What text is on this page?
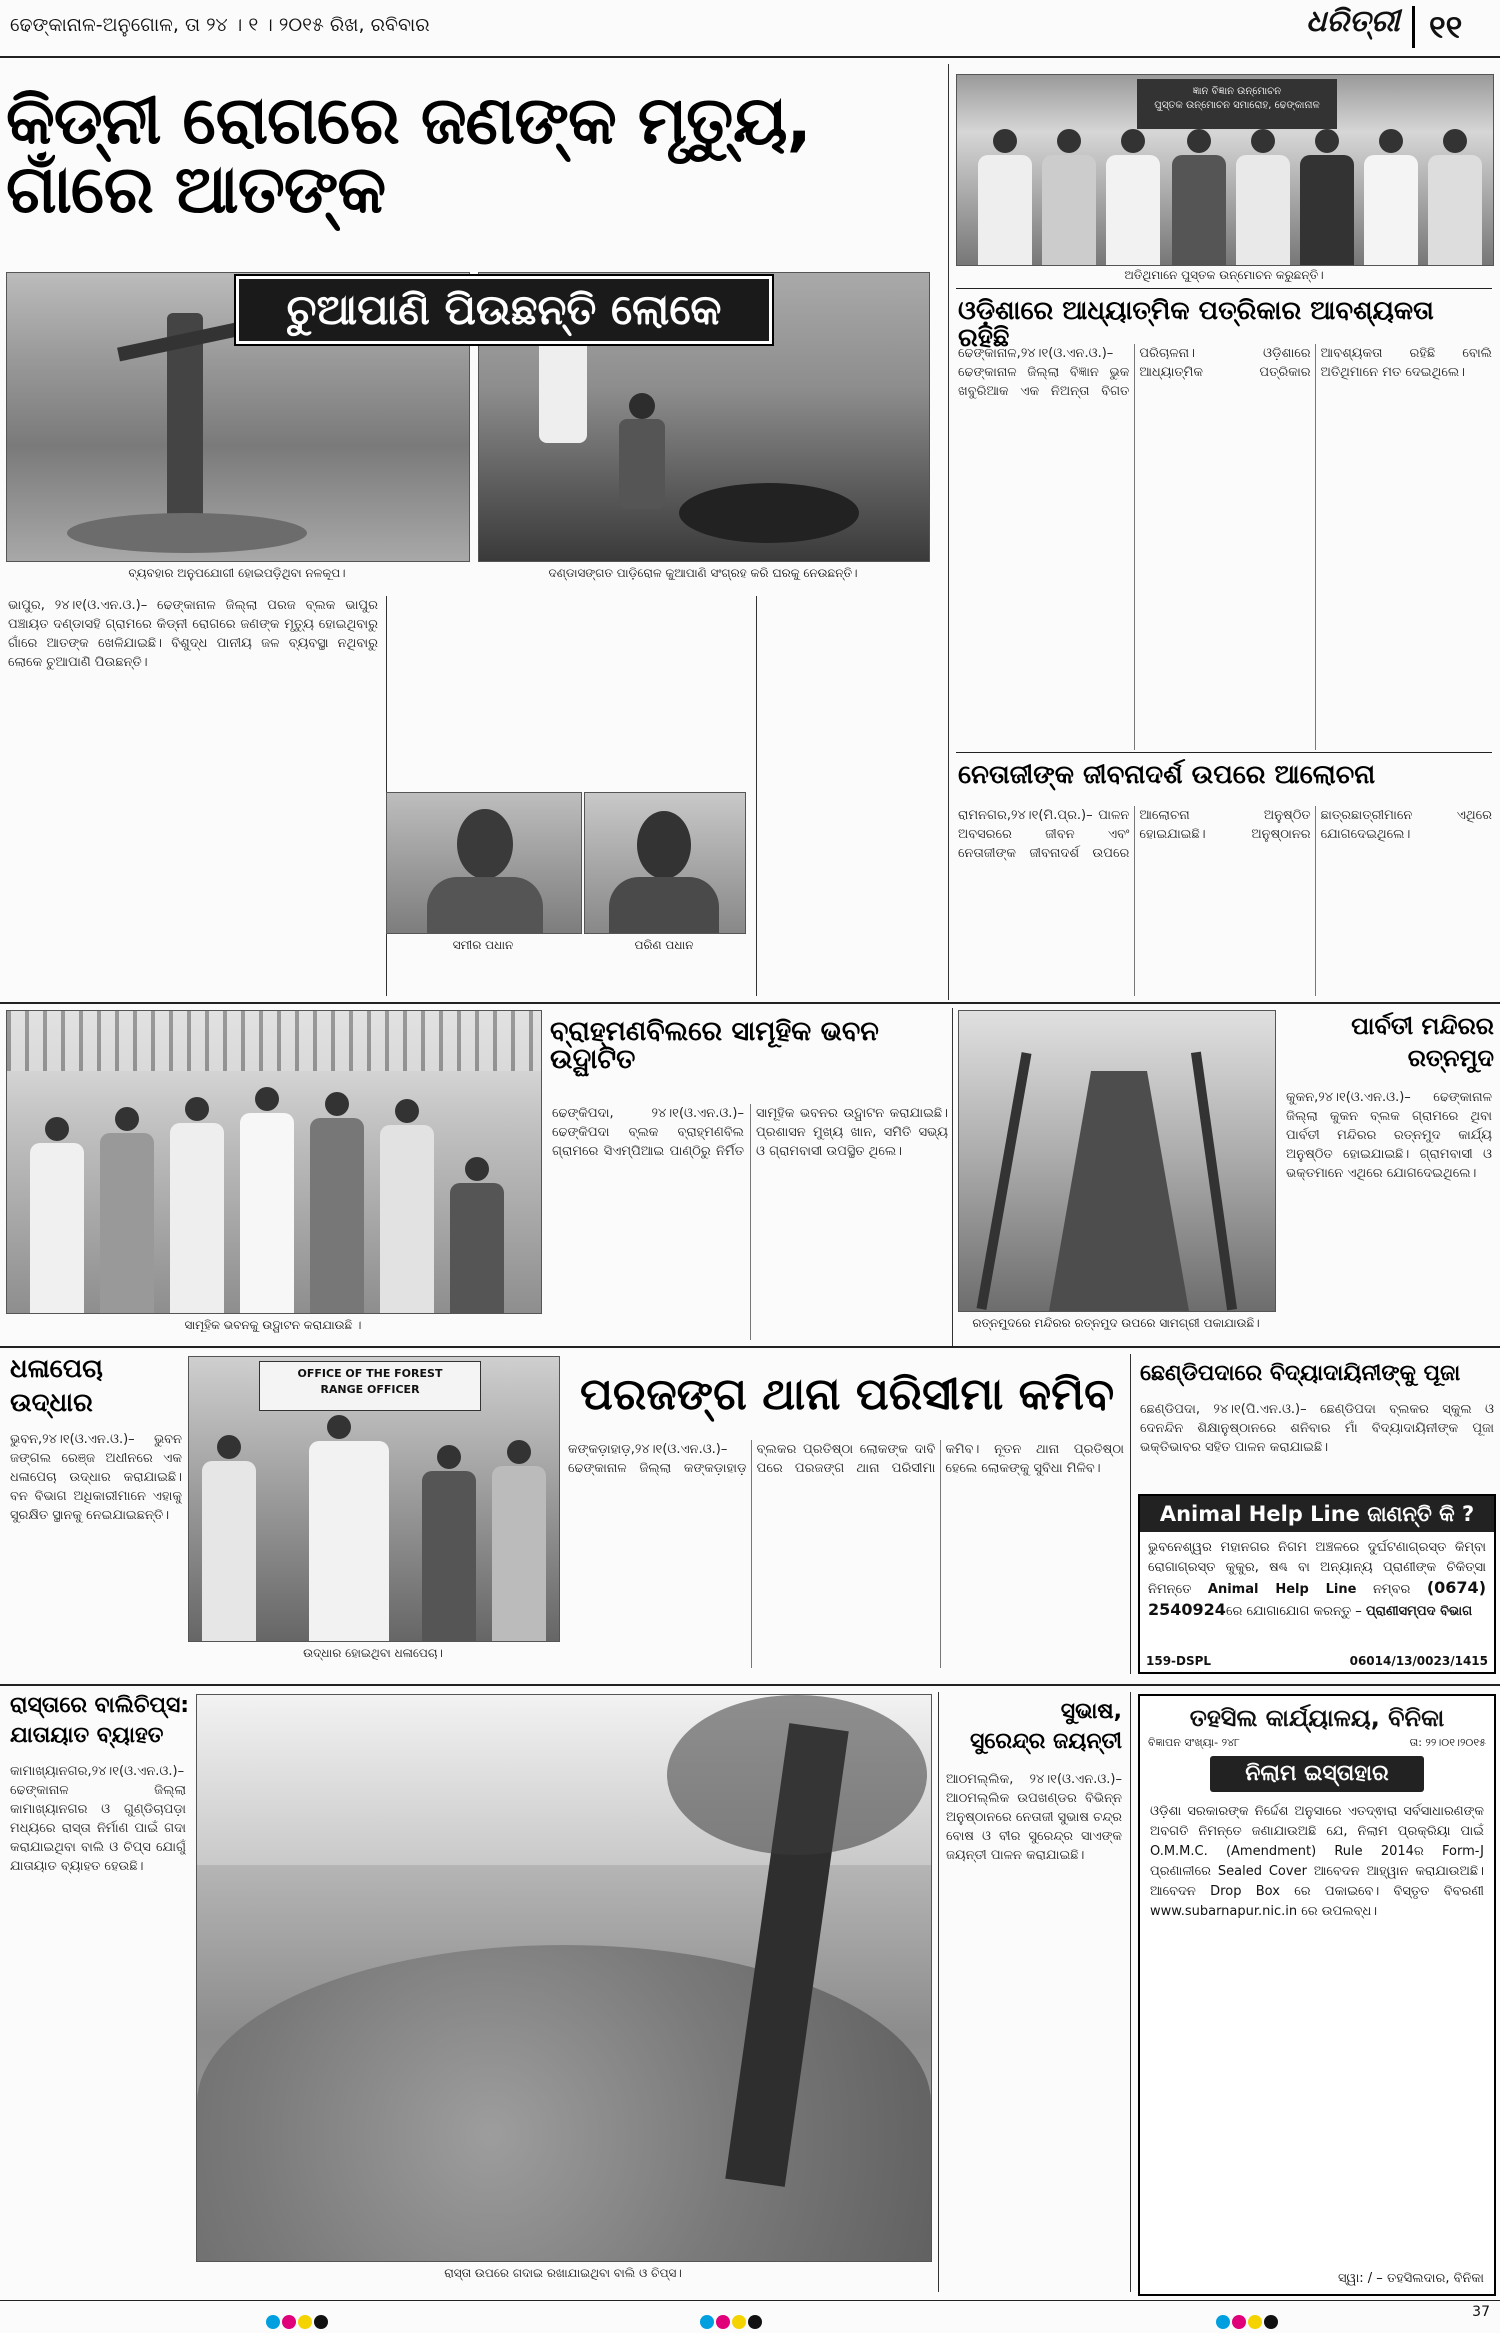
ଢେଙ୍କାନାଳ-ଅନୁଗୋଳ, ତା ୨୪ । ୧ । ୨୦୧୫ ରିଖ, ରବିବାର	ଧରିତ୍ରୀ ୧୧
କିଡ୍ନୀ ରୋଗରେ ଜଣଙ୍କ ମୃତ୍ୟୁ, ଗାଁରେ ଆତଙ୍କ
ବ୍ୟବହାର ଅନୁପଯୋଗୀ ହୋଇପଡ଼ିଥିବା ନଳକୂପ।	ଦଣ୍ଡାସଙ୍ଗତ ପାଡ଼ିରୋଳ କୁଆପାଣି ସଂଗ୍ରହ କରି ଘରକୁ ନେଉଛନ୍ତି।
ଚୁଆପାଣି ପିଉଛନ୍ତି ଲୋକେ
ଭାପୁର, ୨୪।୧(ଓ.ଏନ.ଓ.)– ଢେଙ୍କାନାଳ ଜିଲ୍ଲା ପରଜ ବ୍ଲକ ଭାପୁର ପଞ୍ଚାୟତ ଦଣ୍ଡାସହି ଗ୍ରାମରେ କିଡ୍ନୀ ରୋଗରେ ଜଣଙ୍କ ମୃତ୍ୟୁ ହୋଇଥିବାରୁ ଗାଁରେ ଆତଙ୍କ ଖେଳିଯାଇଛି। ବିଶୁଦ୍ଧ ପାନୀୟ ଜଳ ବ୍ୟବସ୍ଥା ନଥିବାରୁ ଲୋକେ ଚୁଆପାଣି ପିଉଛନ୍ତି।
ସମୀର ପଧାନ	ପରିଣ ପଧାନ
ଜ୍ଞାନ ବିଜ୍ଞାନ ଉନ୍ମୋଚନ
ପୁସ୍ତକ ଉନ୍ମୋଚନ ସମାରୋହ, ଢେଙ୍କାନାଳ
ଅତିଥିମାନେ ପୁସ୍ତକ ଉନ୍ମୋଚନ କରୁଛନ୍ତି।
ଓଡ଼ିଶାରେ ଆଧ୍ୟାତ୍ମିକ ପତ୍ରିକାର ଆବଶ୍ୟକତା ରହିଛି
ଢେଙ୍କାନାଳ,୨୪।୧(ଓ.ଏନ.ଓ.)– ଢେଙ୍କାନାଳ ଜିଲ୍ଲା ବିଜ୍ଞାନ ଭୁକ ଖବୁରିଆକ ଏକ ନିଅନ୍ତା ବିଗତ ପରିଚାଳନା। ଓଡ଼ିଶାରେ ଆଧ୍ୟାତ୍ମିକ ପତ୍ରିକାର ଆବଶ୍ୟକତା ରହିଛି ବୋଲି ଅତିଥିମାନେ ମତ ଦେଇଥିଲେ।
ନେତାଜୀଙ୍କ ଜୀବନାଦର୍ଶ ଉପରେ ଆଲୋଚନା
ରାମନଗର,୨୪।୧(ମି.ପ୍ର.)– ପାଳନ ଅବସରରେ ଜୀବନ ଏବଂ ନେତାଜୀଙ୍କ ଜୀବନାଦର୍ଶ ଉପରେ ଆଲୋଚନା ଅନୁଷ୍ଠିତ ହୋଇଯାଇଛି। ଅନୁଷ୍ଠାନର ଛାତ୍ରଛାତ୍ରୀମାନେ ଏଥିରେ ଯୋଗଦେଇଥିଲେ।
ସାମୂହିକ ଭବନକୁ ଉଦ୍ଘାଟନ କରାଯାଉଛି ।
ବ୍ରାହ୍ମଣବିଲରେ ସାମୂହିକ ଭବନ ଉଦ୍ଘାଟିତ
ଢେଙ୍କିପଦା, ୨୪।୧(ଓ.ଏନ.ଓ.)– ଢେଙ୍କିପଦା ବ୍ଲକ ବ୍ରାହ୍ମଣବିଲ ଗ୍ରାମରେ ସିଏମ୍‌ପିଆଇ ପାଣ୍ଠିରୁ ନିର୍ମିତ ସାମୂହିକ ଭବନର ଉଦ୍ଘାଟନ କରାଯାଇଛି। ପ୍ରଶାସନ ମୁଖ୍ୟ ଖାନ, ସମିତି ସଭ୍ୟ ଓ ଗ୍ରାମବାସୀ ଉପସ୍ଥିତ ଥିଲେ।
ରତ୍ନମୁଦରେ ମନ୍ଦିରର ରତ୍ନମୁଦ ଉପରେ ସାମଗ୍ରୀ ପକାଯାଉଛି।
ପାର୍ବତୀ ମନ୍ଦିରର
ରତ୍ନମୁଦ
କୁକନ,୨୪।୧(ଓ.ଏନ.ଓ.)– ଢେଙ୍କାନାଳ ଜିଲ୍ଲା କୁକନ ବ୍ଲକ ଗ୍ରାମରେ ଥିବା ପାର୍ବତୀ ମନ୍ଦିରର ରତ୍ନମୁଦ କାର୍ଯ୍ୟ ଅନୁଷ୍ଠିତ ହୋଇଯାଇଛି। ଗ୍ରାମବାସୀ ଓ ଭକ୍ତମାନେ ଏଥିରେ ଯୋଗଦେଇଥିଲେ।
ଧଳାପେଚା
ଉଦ୍ଧାର
ଭୁବନ,୨୪।୧(ଓ.ଏନ.ଓ.)– ଭୁବନ ଜଙ୍ଗଲ ରେଞ୍ଜ ଅଧୀନରେ ଏକ ଧଳାପେଚା ଉଦ୍ଧାର କରାଯାଇଛି। ବନ ବିଭାଗ ଅଧିକାରୀମାନେ ଏହାକୁ ସୁରକ୍ଷିତ ସ୍ଥାନକୁ ନେଇଯାଇଛନ୍ତି।
OFFICE OF THE FOREST
RANGE OFFICER
ଉଦ୍ଧାର ହୋଇଥିବା ଧଳାପେଚା।
ପରଜଙ୍ଗ ଥାନା ପରିସୀମା କମିବ
କଙ୍କଡ଼ାହାଡ଼,୨୪।୧(ଓ.ଏନ.ଓ.)– ଢେଙ୍କାନାଳ ଜିଲ୍ଲା କଙ୍କଡ଼ାହାଡ଼ ବ୍ଲକର ପ୍ରତିଷ୍ଠା ଲୋକଙ୍କ ଦାବି ପରେ ପରଜଙ୍ଗ ଥାନା ପରିସୀମା କମିବ। ନୂତନ ଥାନା ପ୍ରତିଷ୍ଠା ହେଲେ ଲୋକଙ୍କୁ ସୁବିଧା ମିଳିବ।
ଛେଣ୍ଡିପଦାରେ ବିଦ୍ୟାଦାୟିନୀଙ୍କୁ ପୂଜା
ଛେଣ୍ଡିପଦା, ୨୪।୧(ପି.ଏନ.ଓ.)– ଛେଣ୍ଡିପଦା ବ୍ଲକର ସ୍କୁଲ ଓ ଦେନନ୍ଦିନ ଶିକ୍ଷାନୁଷ୍ଠାନରେ ଶନିବାର ମାଁ ବିଦ୍ୟାଦାୟିନୀଙ୍କ ପୂଜା ଭକ୍ତିଭାବର ସହିତ ପାଳନ କରାଯାଇଛି।
Animal Help Line ଜାଣନ୍ତି କି ?
ଭୁବନେଶ୍ୱର ମହାନଗର ନିଗମ ଅଞ୍ଚଳରେ ଦୁର୍ଘଟଣାଗ୍ରସ୍ତ କିମ୍ବା ରୋଗାଗ୍ରସ୍ତ କୁକୁର, ଷଣ୍ଢ ବା ଅନ୍ୟାନ୍ୟ ପ୍ରାଣୀଙ୍କ ଚିକିତ୍ସା ନିମନ୍ତେ Animal Help Line ନମ୍ବର (0674) 2540924ରେ ଯୋଗାଯୋଗ କରନ୍ତୁ – ପ୍ରାଣୀସମ୍ପଦ ବିଭାଗ
159-DSPL	06014/13/0023/1415
ରାସ୍ତାରେ ବାଲିଚିପ୍ସ:
ଯାତାୟାତ ବ୍ୟାହତ
କାମାଖ୍ୟାନଗର,୨୪।୧(ଓ.ଏନ.ଓ.)– ଢେଙ୍କାନାଳ ଜିଲ୍ଲା କାମାଖ୍ୟାନଗର ଓ ଗୁଣ୍ଡିଚାପଡ଼ା ମଧ୍ୟରେ ରାସ୍ତା ନିର୍ମାଣ ପାଇଁ ଗଦା କରାଯାଇଥିବା ବାଲି ଓ ଚିପ୍ସ ଯୋଗୁଁ ଯାତାୟାତ ବ୍ୟାହତ ହେଉଛି।
ରାସ୍ତା ଉପରେ ଗଦାଇ ରଖାଯାଇଥିବା ବାଲି ଓ ଚିପ୍ସ।
ସୁଭାଷ,
ସୁରେନ୍ଦ୍ର ଜୟନ୍ତୀ
ଆଠମଲ୍ଲିକ, ୨୪।୧(ଓ.ଏନ.ଓ.)– ଆଠମଲ୍ଲିକ ଉପଖଣ୍ଡର ବିଭିନ୍ନ ଅନୁଷ୍ଠାନରେ ନେତାଜୀ ସୁଭାଷ ଚନ୍ଦ୍ର ବୋଷ ଓ ବୀର ସୁରେନ୍ଦ୍ର ସାଏଙ୍କ ଜୟନ୍ତୀ ପାଳନ କରାଯାଇଛି।
ତହସିଲ କାର୍ଯ୍ୟାଳୟ, ବିନିକା
ବିଜ୍ଞାପନ ସଂଖ୍ୟା- ୨୪୮	ତା: ୨୨।୦୧।୨୦୧୫
ନିଲାମ ଇସ୍ତାହାର
ଓଡ଼ିଶା ସରକାରଙ୍କ ନିର୍ଦ୍ଦେଶ ଅନୁସାରେ ଏତଦ୍ଵାରା ସର୍ବସାଧାରଣଙ୍କ ଅବଗତି ନିମନ୍ତେ ଜଣାଯାଉଅଛି ଯେ, ନିଲାମ ପ୍ରକ୍ରିୟା ପାଇଁ O.M.M.C. (Amendment) Rule 2014ର Form-J ପ୍ରଣାଳୀରେ Sealed Cover ଆବେଦନ ଆହ୍ୱାନ କରାଯାଉଅଛି। ଆବେଦନ Drop Box ରେ ପକାଇବେ। ବିସ୍ତୃତ ବିବରଣୀ www.subarnapur.nic.in ରେ ଉପଲବ୍ଧ।
ସ୍ୱା: / – ତହସିଲଦାର, ବିନିକା
37
